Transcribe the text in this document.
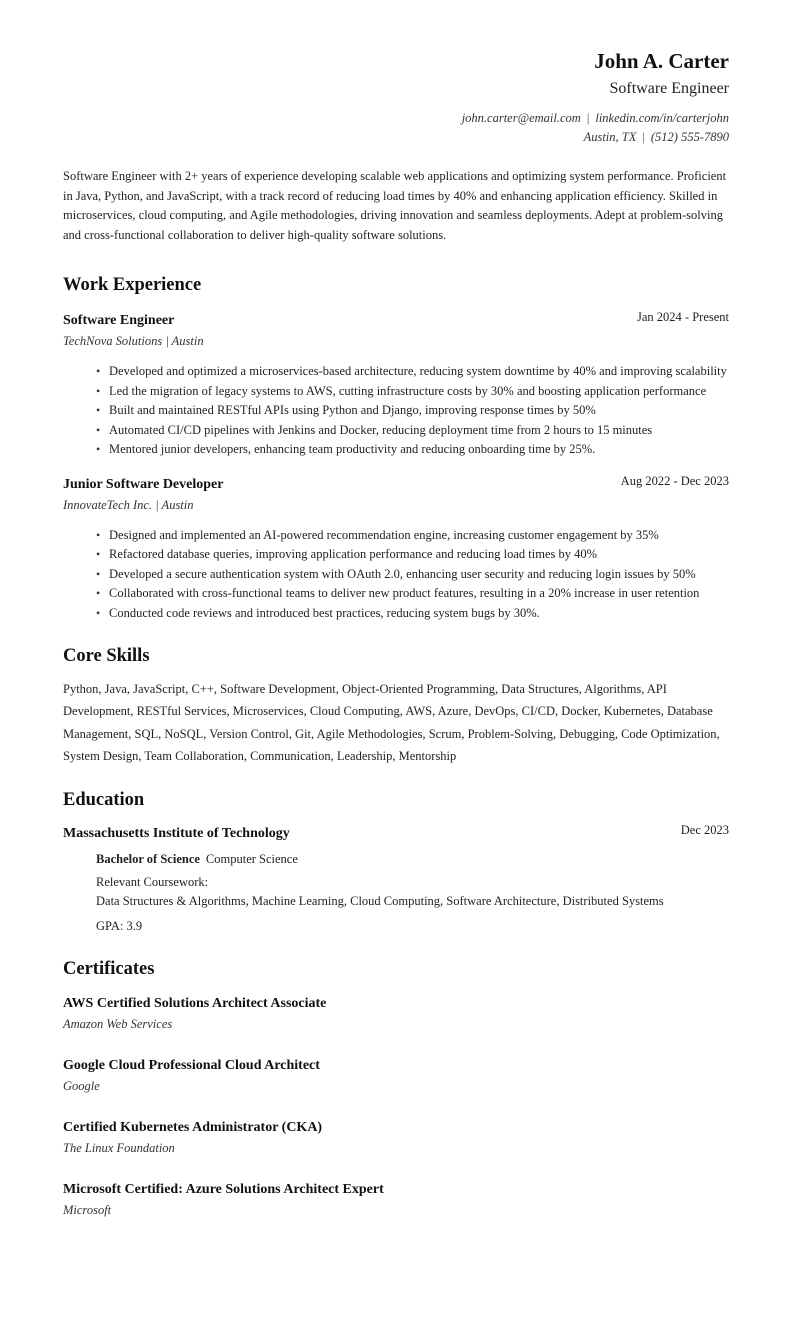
John A. Carter
Software Engineer
john.carter@email.com | linkedin.com/in/carterjohn
Austin, TX | (512) 555-7890
Software Engineer with 2+ years of experience developing scalable web applications and optimizing system performance. Proficient in Java, Python, and JavaScript, with a track record of reducing load times by 40% and enhancing application efficiency. Skilled in microservices, cloud computing, and Agile methodologies, driving innovation and seamless deployments. Adept at problem-solving and cross-functional collaboration to deliver high-quality software solutions.
Work Experience
Software Engineer	Jan 2024 - Present
TechNova Solutions | Austin
• Developed and optimized a microservices-based architecture, reducing system downtime by 40% and improving scalability
• Led the migration of legacy systems to AWS, cutting infrastructure costs by 30% and boosting application performance
• Built and maintained RESTful APIs using Python and Django, improving response times by 50%
• Automated CI/CD pipelines with Jenkins and Docker, reducing deployment time from 2 hours to 15 minutes
• Mentored junior developers, enhancing team productivity and reducing onboarding time by 25%.
Junior Software Developer	Aug 2022 - Dec 2023
InnovateTech Inc. | Austin
• Designed and implemented an AI-powered recommendation engine, increasing customer engagement by 35%
• Refactored database queries, improving application performance and reducing load times by 40%
• Developed a secure authentication system with OAuth 2.0, enhancing user security and reducing login issues by 50%
• Collaborated with cross-functional teams to deliver new product features, resulting in a 20% increase in user retention
• Conducted code reviews and introduced best practices, reducing system bugs by 30%.
Core Skills
Python, Java, JavaScript, C++, Software Development, Object-Oriented Programming, Data Structures, Algorithms, API Development, RESTful Services, Microservices, Cloud Computing, AWS, Azure, DevOps, CI/CD, Docker, Kubernetes, Database Management, SQL, NoSQL, Version Control, Git, Agile Methodologies, Scrum, Problem-Solving, Debugging, Code Optimization, System Design, Team Collaboration, Communication, Leadership, Mentorship
Education
Massachusetts Institute of Technology	Dec 2023
Bachelor of Science Computer Science
Relevant Coursework:
Data Structures & Algorithms, Machine Learning, Cloud Computing, Software Architecture, Distributed Systems
GPA: 3.9
Certificates
AWS Certified Solutions Architect Associate
Amazon Web Services
Google Cloud Professional Cloud Architect
Google
Certified Kubernetes Administrator (CKA)
The Linux Foundation
Microsoft Certified: Azure Solutions Architect Expert
Microsoft
